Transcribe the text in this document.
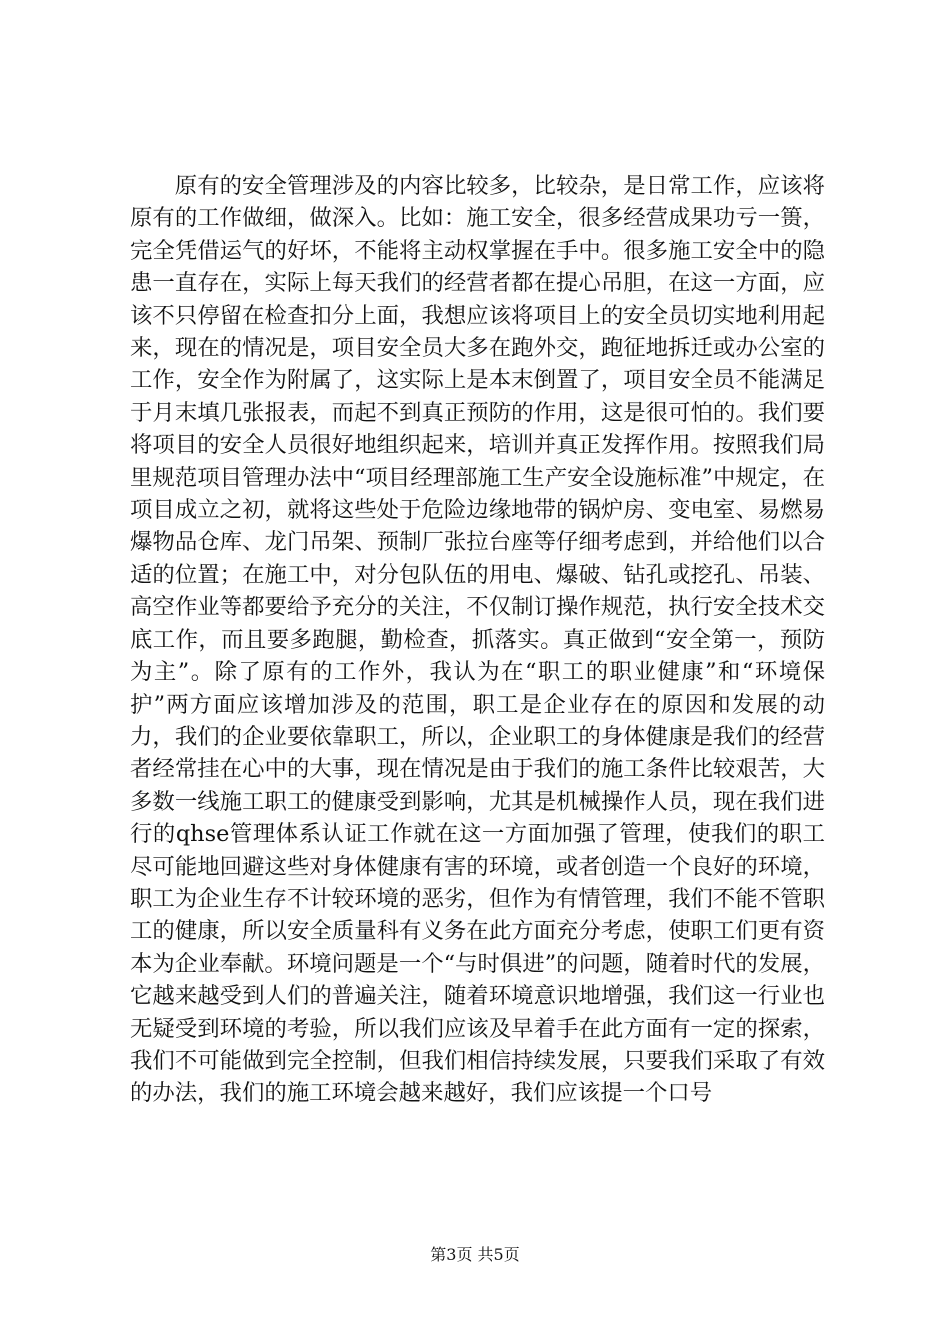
原有的安全管理涉及的内容比较多，比较杂，是日常工作，应该将原有的工作做细，做深入。比如：施工安全，很多经营成果功亏一篑，完全凭借运气的好坏，不能将主动权掌握在手中。很多施工安全中的隐患一直存在，实际上每天我们的经营者都在提心吊胆，在这一方面，应该不只停留在检查扣分上面，我想应该将项目上的安全员切实地利用起来，现在的情况是，项目安全员大多在跑外交，跑征地拆迁或办公室的工作，安全作为附属了，这实际上是本末倒置了，项目安全员不能满足于月末填几张报表，而起不到真正预防的作用，这是很可怕的。我们要将项目的安全人员很好地组织起来，培训并真正发挥作用。按照我们局里规范项目管理办法中“项目经理部施工生产安全设施标准”中规定，在项目成立之初，就将这些处于危险边缘地带的锅炉房、变电室、易燃易爆物品仓库、龙门吊架、预制厂张拉台座等仔细考虑到，并给他们以合适的位置；在施工中，对分包队伍的用电、爆破、钻孔或挖孔、吊装、高空作业等都要给予充分的关注，不仅制订操作规范，执行安全技术交底工作，而且要多跑腿，勤检查，抓落实。真正做到“安全第一，预防为主”。除了原有的工作外，我认为在“职工的职业健康”和“环境保护”两方面应该增加涉及的范围，职工是企业存在的原因和发展的动力，我们的企业要依靠职工，所以，企业职工的身体健康是我们的经营者经常挂在心中的大事，现在情况是由于我们的施工条件比较艰苦，大多数一线施工职工的健康受到影响，尤其是机械操作人员，现在我们进行的qhse管理体系认证工作就在这一方面加强了管理，使我们的职工尽可能地回避这些对身体健康有害的环境，或者创造一个良好的环境，职工为企业生存不计较环境的恶劣，但作为有情管理，我们不能不管职工的健康，所以安全质量科有义务在此方面充分考虑，使职工们更有资本为企业奉献。环境问题是一个“与时俱进”的问题，随着时代的发展，它越来越受到人们的普遍关注，随着环境意识地增强，我们这一行业也无疑受到环境的考验，所以我们应该及早着手在此方面有一定的探索，我们不可能做到完全控制，但我们相信持续发展，只要我们采取了有效的办法，我们的施工环境会越来越好，我们应该提一个口号

第3页 共5页
